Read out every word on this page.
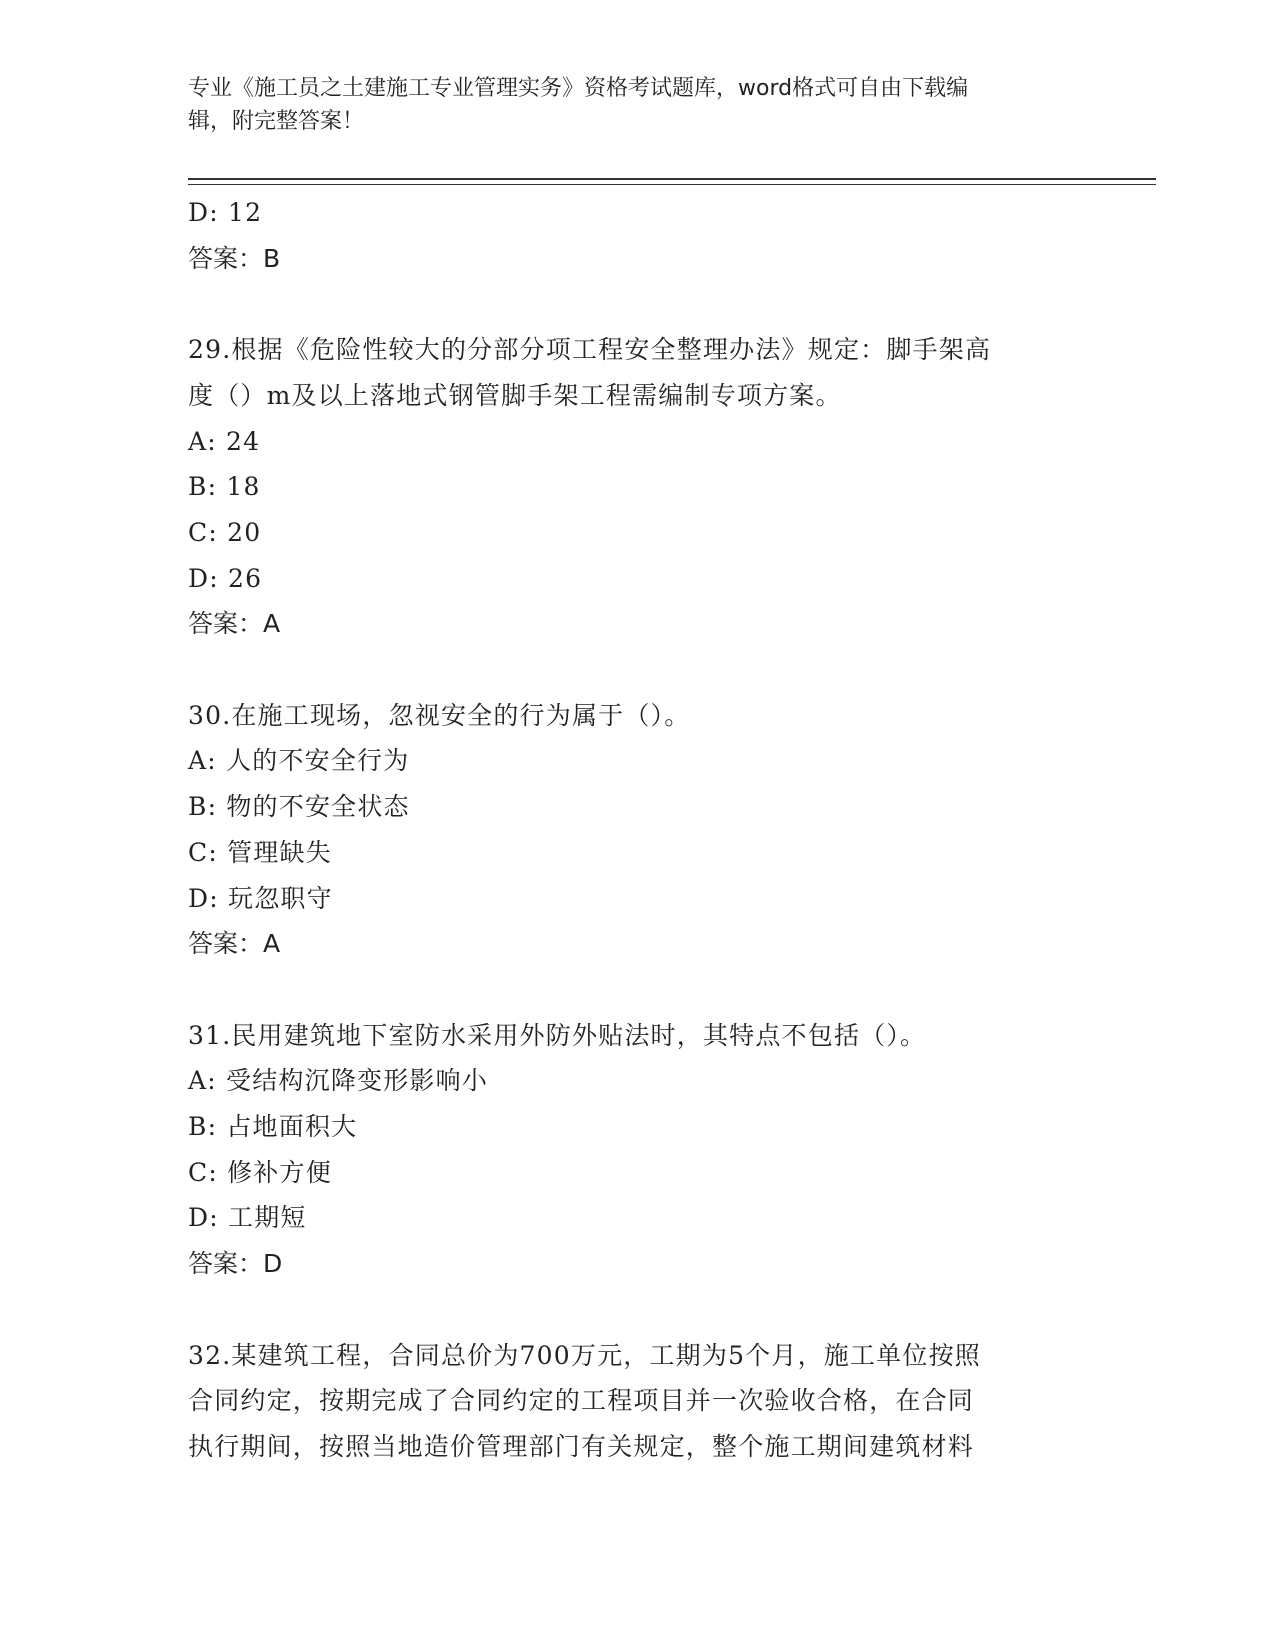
专业《施工员之土建施工专业管理实务》资格考试题库，word格式可自由下载编
辑，附完整答案！
D: 12
答案：B
29.根据《危险性较大的分部分项工程安全整理办法》规定：脚手架高
度（）m及以上落地式钢管脚手架工程需编制专项方案。
A: 24
B: 18
C: 20
D: 26
答案：A
30.在施工现场，忽视安全的行为属于（）。
A: 人的不安全行为
B: 物的不安全状态
C: 管理缺失
D: 玩忽职守
答案：A
31.民用建筑地下室防水采用外防外贴法时，其特点不包括（）。
A: 受结构沉降变形影响小
B: 占地面积大
C: 修补方便
D: 工期短
答案：D
32.某建筑工程，合同总价为700万元，工期为5个月，施工单位按照
合同约定，按期完成了合同约定的工程项目并一次验收合格，在合同
执行期间，按照当地造价管理部门有关规定，整个施工期间建筑材料
